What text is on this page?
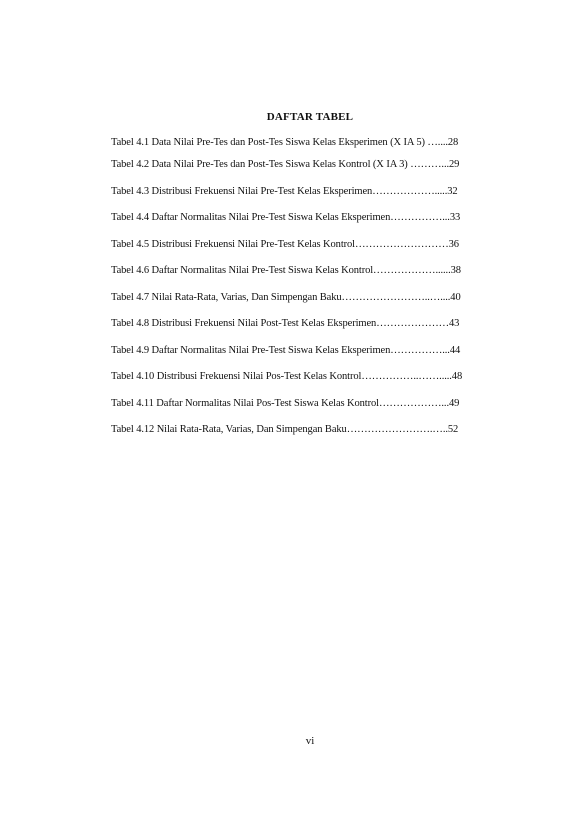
DAFTAR TABEL
Tabel 4.1 Data Nilai Pre-Tes dan Post-Tes Siswa Kelas Eksperimen (X IA 5) …....28
Tabel 4.2 Data Nilai Pre-Tes dan Post-Tes Siswa Kelas Kontrol (X IA 3) ………...29
Tabel 4.3 Distribusi Frekuensi Nilai Pre-Test Kelas Eksperimen……………….....32
Tabel 4.4 Daftar Normalitas Nilai Pre-Test Siswa Kelas Eksperimen……………...33
Tabel 4.5 Distribusi Frekuensi Nilai Pre-Test Kelas Kontrol………………………36
Tabel 4.6 Daftar Normalitas Nilai Pre-Test Siswa Kelas Kontrol………………......38
Tabel 4.7 Nilai Rata-Rata, Varias, Dan Simpengan Baku……………………..…....40
Tabel 4.8 Distribusi Frekuensi Nilai Post-Test Kelas Eksperimen…………………43
Tabel 4.9 Daftar Normalitas Nilai Pre-Test Siswa Kelas Eksperimen……………...44
Tabel 4.10 Distribusi Frekuensi Nilai Pos-Test Kelas Kontrol……………..…….....48
Tabel 4.11 Daftar Normalitas Nilai Pos-Test Siswa Kelas Kontrol………………...49
Tabel 4.12 Nilai Rata-Rata, Varias, Dan Simpengan Baku…………………….…..52
vi
